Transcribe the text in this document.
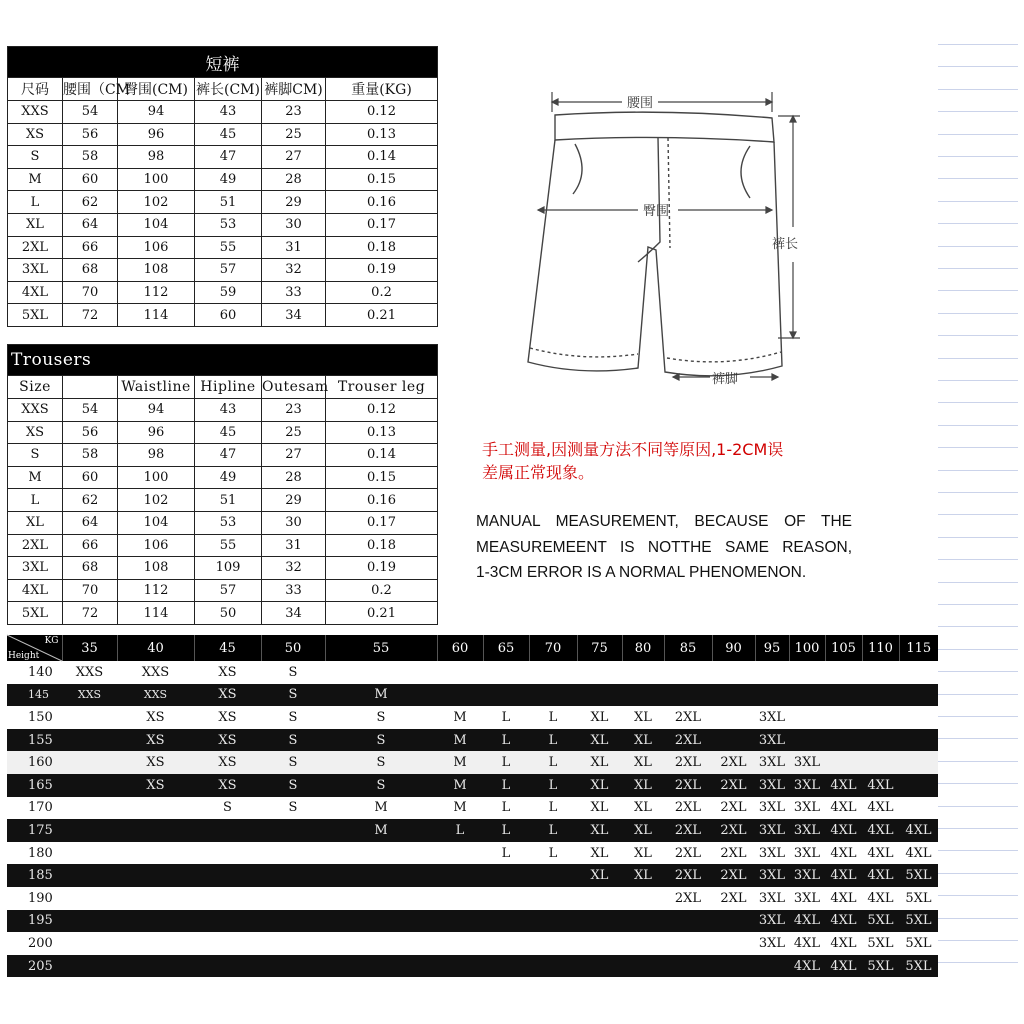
短裤					
尺码	腰围（CM	臀围(CM)	裤长(CM)	裤脚CM)	重量(KG)
XXS	54	94	43	23	0.12
XS	56	96	45	25	0.13
S	58	98	47	27	0.14
M	60	100	49	28	0.15
L	62	102	51	29	0.16
XL	64	104	53	30	0.17
2XL	66	106	55	31	0.18
3XL	68	108	57	32	0.19
4XL	70	112	59	33	0.2
5XL	72	114	60	34	0.21
Trousers					
Size		Waistline	Hipline	Outesam	Trouser leg
XXS	54	94	43	23	0.12
XS	56	96	45	25	0.13
S	58	98	47	27	0.14
M	60	100	49	28	0.15
L	62	102	51	29	0.16
XL	64	104	53	30	0.17
2XL	66	106	55	31	0.18
3XL	68	108	109	32	0.19
4XL	70	112	57	33	0.2
5XL	72	114	50	34	0.21
腰围
臀围
裤长
裤脚
手工测量,因测量方法不同等原因,1-2CM误
差属正常现象。
MANUAL MEASUREMENT, BECAUSE OF THE
MEASUREMEENT IS NOTTHE SAME REASON,
1-3CM ERROR IS A NORMAL PHENOMENON.
KG
Height	35	40	45	50	55	60	65	70	75	80	85	90	95	100	105	110	115
140	XXS	XXS	XS	S													
145	XXS	XXS	XS	S	M												
150		XS	XS	S	S	M	L	L	XL	XL	2XL		3XL				
155		XS	XS	S	S	M	L	L	XL	XL	2XL		3XL				
160		XS	XS	S	S	M	L	L	XL	XL	2XL	2XL	3XL	3XL			
165		XS	XS	S	S	M	L	L	XL	XL	2XL	2XL	3XL	3XL	4XL	4XL	
170			S	S	M	M	L	L	XL	XL	2XL	2XL	3XL	3XL	4XL	4XL	
175					M	L	L	L	XL	XL	2XL	2XL	3XL	3XL	4XL	4XL	4XL
180							L	L	XL	XL	2XL	2XL	3XL	3XL	4XL	4XL	4XL
185									XL	XL	2XL	2XL	3XL	3XL	4XL	4XL	5XL
190											2XL	2XL	3XL	3XL	4XL	4XL	5XL
195													3XL	4XL	4XL	5XL	5XL
200													3XL	4XL	4XL	5XL	5XL
205														4XL	4XL	5XL	5XL
